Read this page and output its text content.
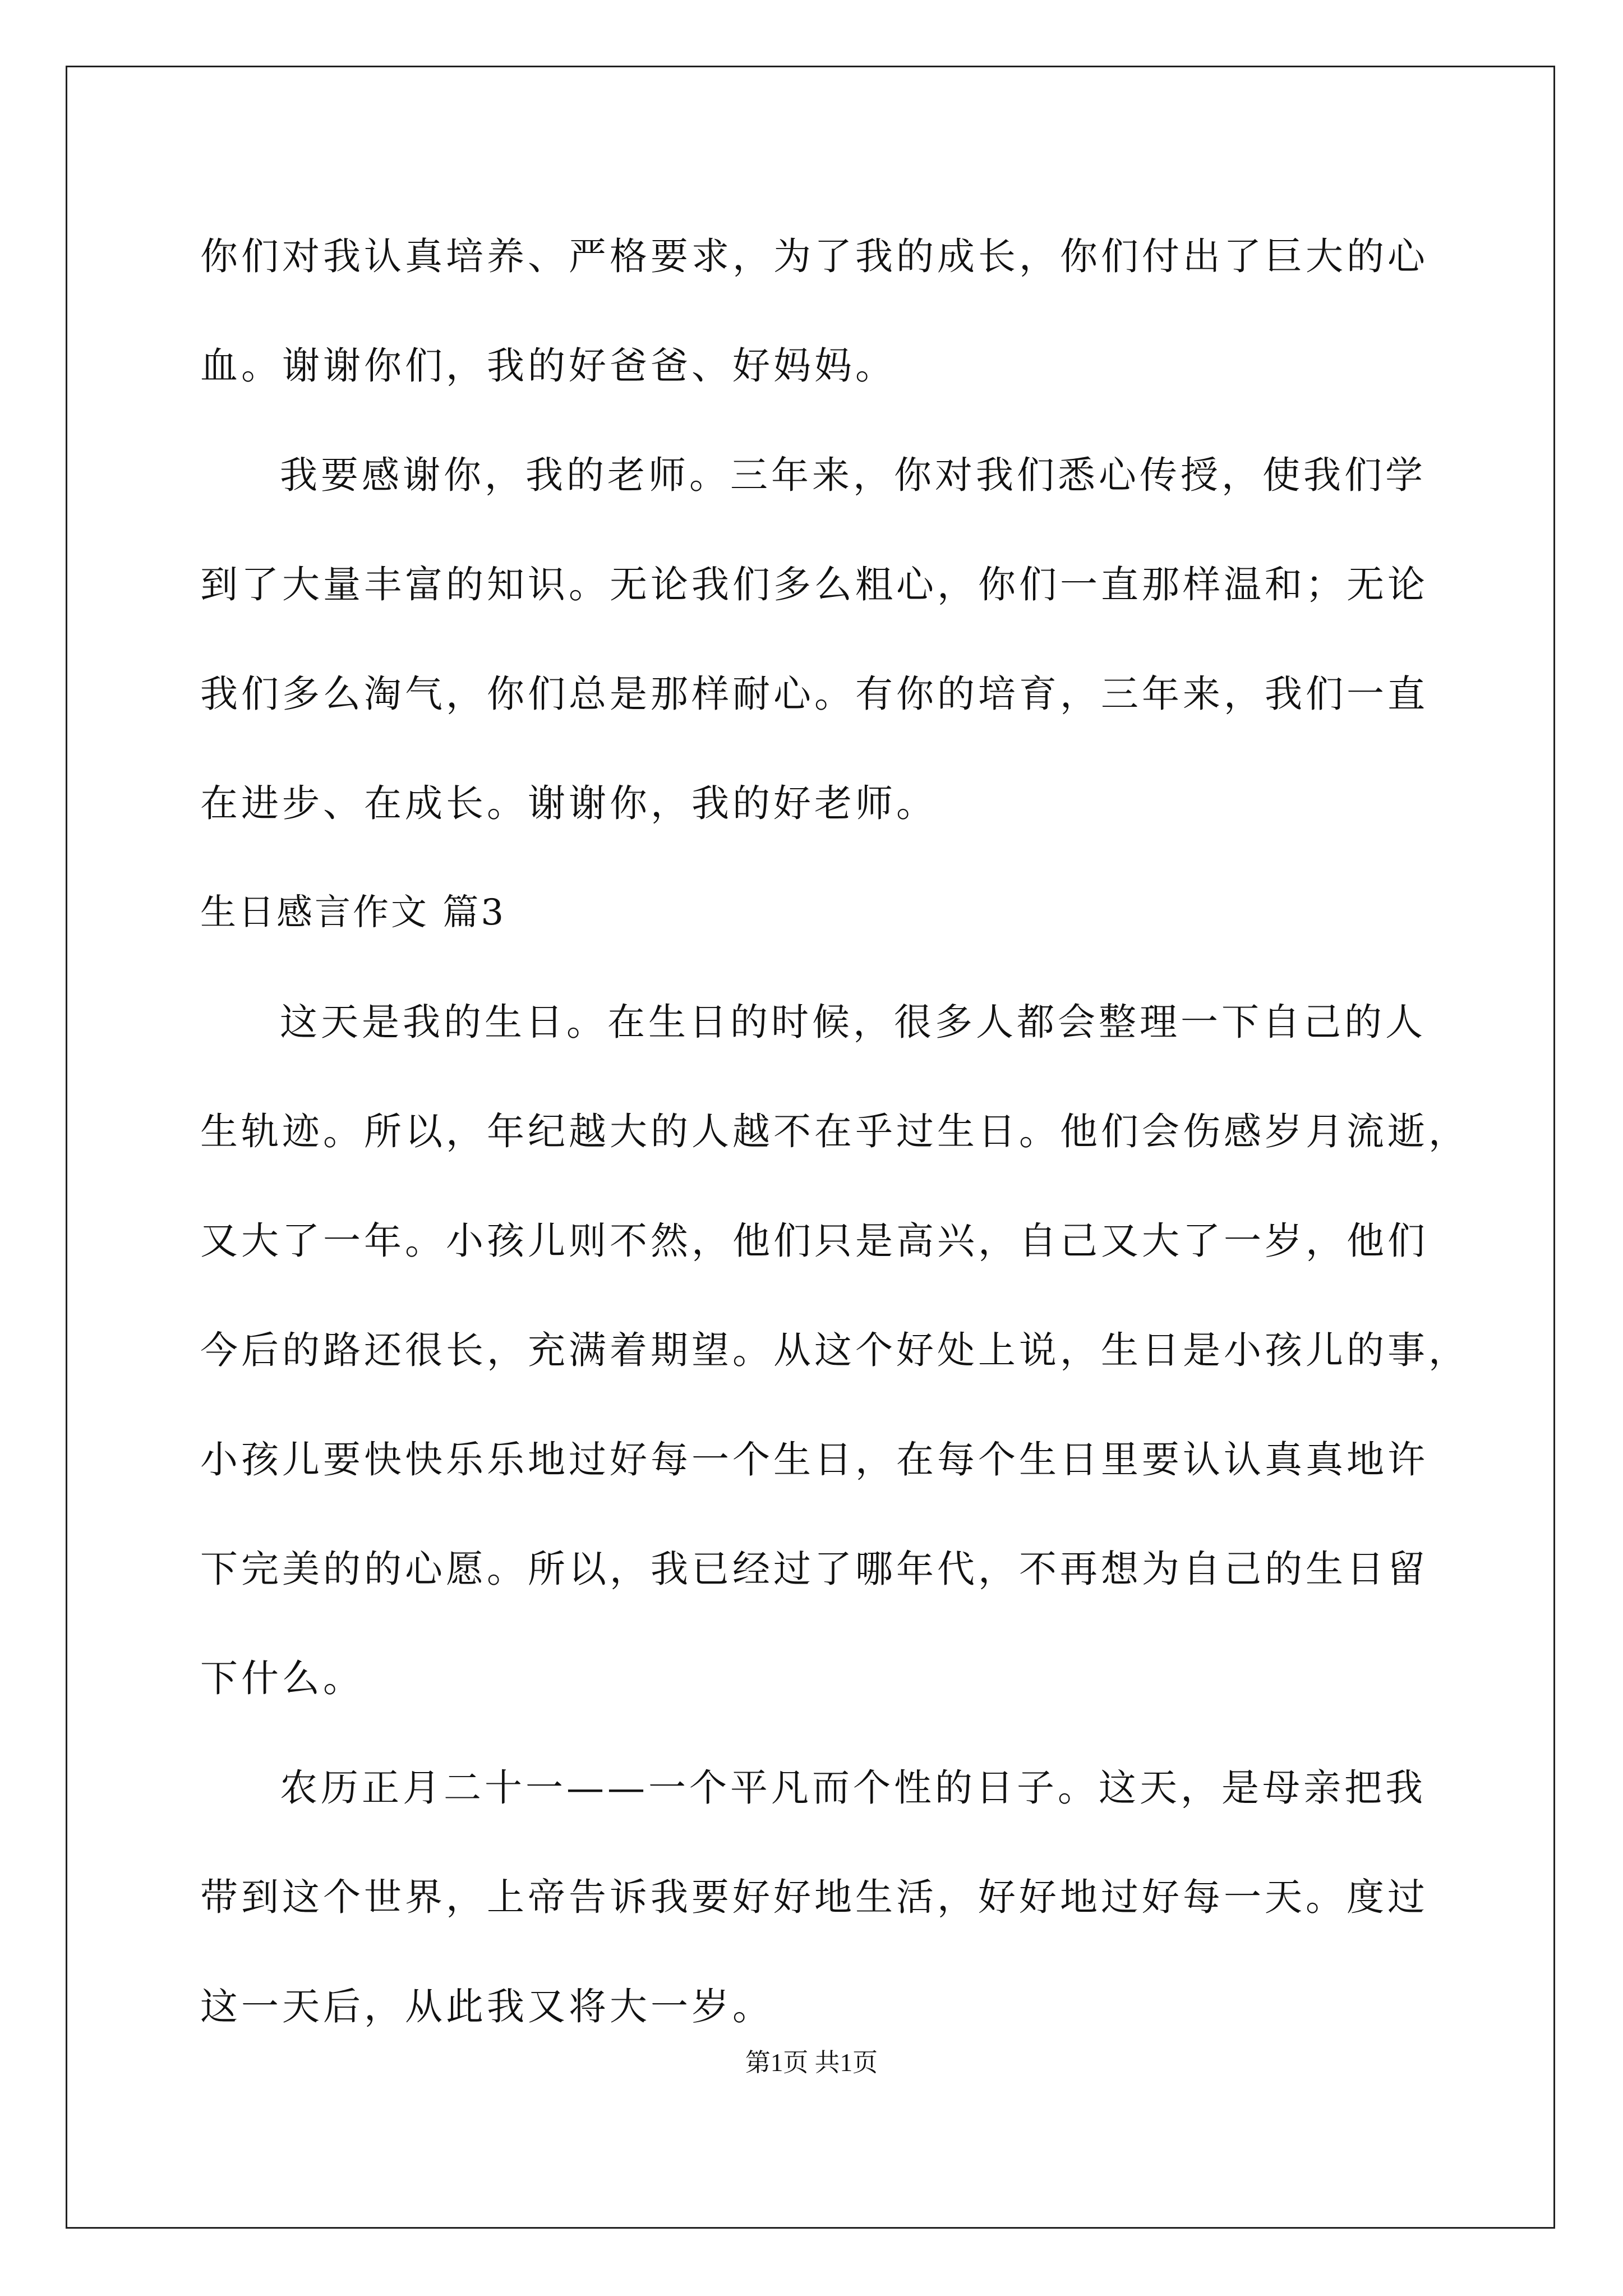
你们对我认真培养、严格要求，为了我的成长，你们付出了巨大的心
血。谢谢你们，我的好爸爸、好妈妈。
我要感谢你，我的老师。三年来，你对我们悉心传授，使我们学
到了大量丰富的知识。无论我们多么粗心，你们一直那样温和；无论
我们多么淘气，你们总是那样耐心。有你的培育，三年来，我们一直
在进步、在成长。谢谢你，我的好老师。
生日感言作文 篇3
这天是我的生日。在生日的时候，很多人都会整理一下自己的人
生轨迹。所以，年纪越大的人越不在乎过生日。他们会伤感岁月流逝，
又大了一年。小孩儿则不然，他们只是高兴，自己又大了一岁，他们
今后的路还很长，充满着期望。从这个好处上说，生日是小孩儿的事，
小孩儿要快快乐乐地过好每一个生日，在每个生日里要认认真真地许
下完美的的心愿。所以，我已经过了哪年代，不再想为自己的生日留
下什么。
农历正月二十一——一个平凡而个性的日子。这天，是母亲把我
带到这个世界，上帝告诉我要好好地生活，好好地过好每一天。度过
这一天后，从此我又将大一岁。
第1页 共1页
